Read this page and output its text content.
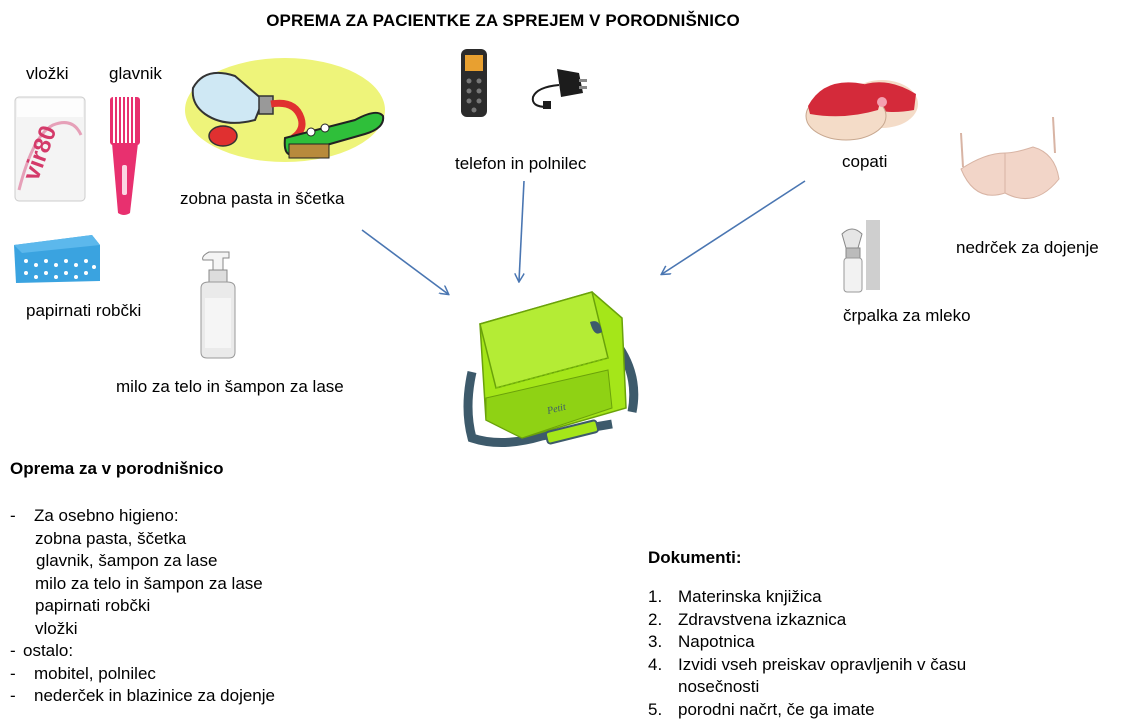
OPREMA ZA PACIENTKE ZA SPREJEM V PORODNIŠNICO
vložki
vir80
glavnik
zobna pasta in ščetka
telefon in polnilec	copati
nedrček za dojenje
črpalka za mleko
papirnati robčki
milo za telo in šampon za lase
Petit
Oprema za v porodnišnico
- Za osebno higieno:
zobna pasta, ščetka
glavnik, šampon za lase
milo za telo in šampon za lase
papirnati robčki
vložki
- ostalo:
- mobitel, polnilec
- nederček in blazinice za dojenje
Dokumenti:
1. Materinska knjižica
2. Zdravstvena izkaznica
3. Napotnica
4. Izvidi vseh preiskav opravljenih v času
nosečnosti
5. porodni načrt, če ga imate
